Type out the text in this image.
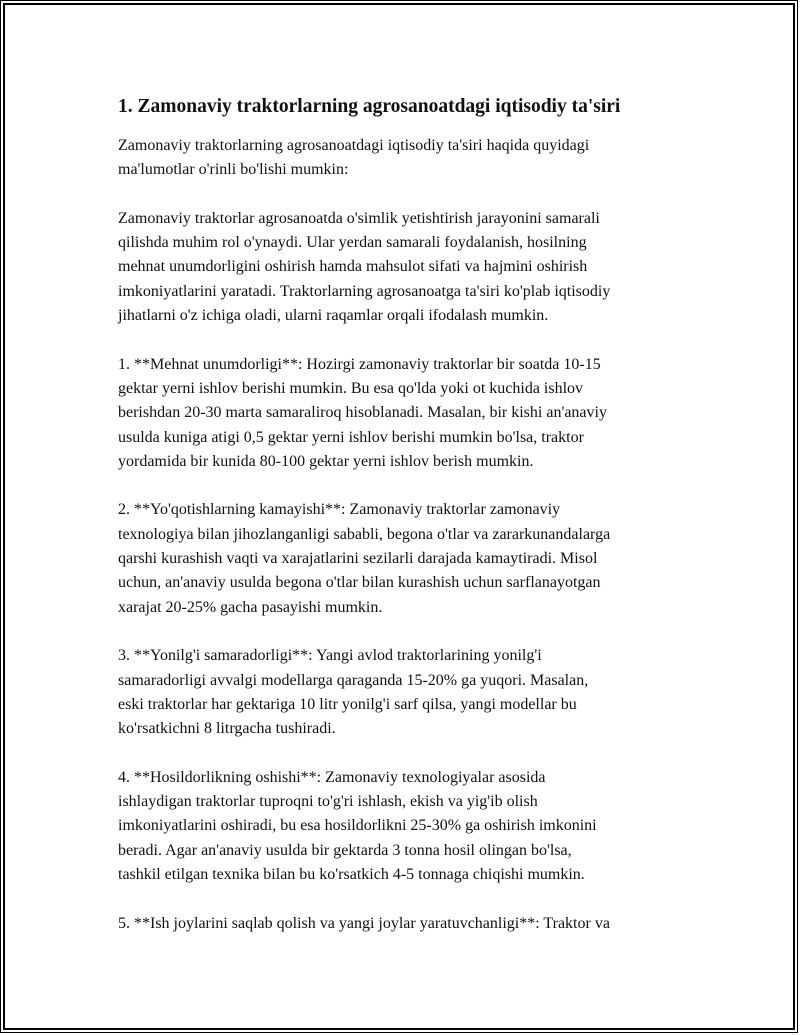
1. Zamonaviy traktorlarning agrosanoatdagi iqtisodiy ta'siri

Zamonaviy traktorlarning agrosanoatdagi iqtisodiy ta'siri haqida quyidagi
ma'lumotlar o'rinli bo'lishi mumkin:

Zamonaviy traktorlar agrosanoatda o'simlik yetishtirish jarayonini samarali
qilishda muhim rol o'ynaydi. Ular yerdan samarali foydalanish, hosilning
mehnat unumdorligini oshirish hamda mahsulot sifati va hajmini oshirish
imkoniyatlarini yaratadi. Traktorlarning agrosanoatga ta'siri ko'plab iqtisodiy
jihatlarni o'z ichiga oladi, ularni raqamlar orqali ifodalash mumkin.

1. **Mehnat unumdorligi**: Hozirgi zamonaviy traktorlar bir soatda 10-15
gektar yerni ishlov berishi mumkin. Bu esa qo'lda yoki ot kuchida ishlov
berishdan 20-30 marta samaraliroq hisoblanadi. Masalan, bir kishi an'anaviy
usulda kuniga atigi 0,5 gektar yerni ishlov berishi mumkin bo'lsa, traktor
yordamida bir kunida 80-100 gektar yerni ishlov berish mumkin.

2. **Yo'qotishlarning kamayishi**: Zamonaviy traktorlar zamonaviy
texnologiya bilan jihozlanganligi sababli, begona o'tlar va zararkunandalarga
qarshi kurashish vaqti va xarajatlarini sezilarli darajada kamaytiradi. Misol
uchun, an'anaviy usulda begona o'tlar bilan kurashish uchun sarflanayotgan
xarajat 20-25% gacha pasayishi mumkin.

3. **Yonilg'i samaradorligi**: Yangi avlod traktorlarining yonilg'i
samaradorligi avvalgi modellarga qaraganda 15-20% ga yuqori. Masalan,
eski traktorlar har gektariga 10 litr yonilg'i sarf qilsa, yangi modellar bu
ko'rsatkichni 8 litrgacha tushiradi.

4. **Hosildorlikning oshishi**: Zamonaviy texnologiyalar asosida
ishlaydigan traktorlar tuproqni to'g'ri ishlash, ekish va yig'ib olish
imkoniyatlarini oshiradi, bu esa hosildorlikni 25-30% ga oshirish imkonini
beradi. Agar an'anaviy usulda bir gektarda 3 tonna hosil olingan bo'lsa,
tashkil etilgan texnika bilan bu ko'rsatkich 4-5 tonnaga chiqishi mumkin.

5. **Ish joylarini saqlab qolish va yangi joylar yaratuvchanligi**: Traktor va
